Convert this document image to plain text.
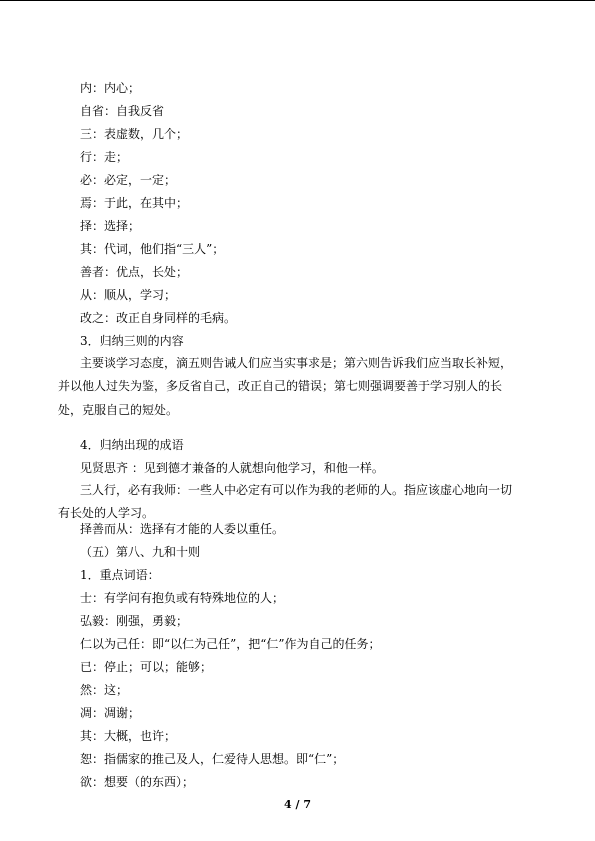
内：内心；
自省：自我反省
三：表虚数，几个；
行：走；
必：必定，一定；
焉：于此，在其中；
择：选择；
其：代词，他们指“三人”；
善者：优点，长处；
从：顺从，学习；
改之：改正自身同样的毛病。
3．归纳三则的内容
主要谈学习态度，滴五则告诫人们应当实事求是；第六则告诉我们应当取长补短，并以他人过失为鉴，多反省自己，改正自己的错误；第七则强调要善于学习别人的长处，克服自己的短处。
4．归纳出现的成语
见贤思齐 ：见到德才兼备的人就想向他学习，和他一样。
三人行，必有我师：一些人中必定有可以作为我的老师的人。指应该虚心地向一切有长处的人学习。
择善而从：选择有才能的人委以重任。
（五）第八、九和十则
1．重点词语：
士：有学问有抱负或有特殊地位的人；
弘毅：刚强，勇毅；
仁以为己任：即“以仁为己任”，把“仁”作为自己的任务；
已：停止；可以；能够；
然：这；
凋：凋谢；
其：大概，也许；
恕：指儒家的推己及人，仁爱待人思想。即“仁”；
欲：想要（的东西）；
4 / 7
